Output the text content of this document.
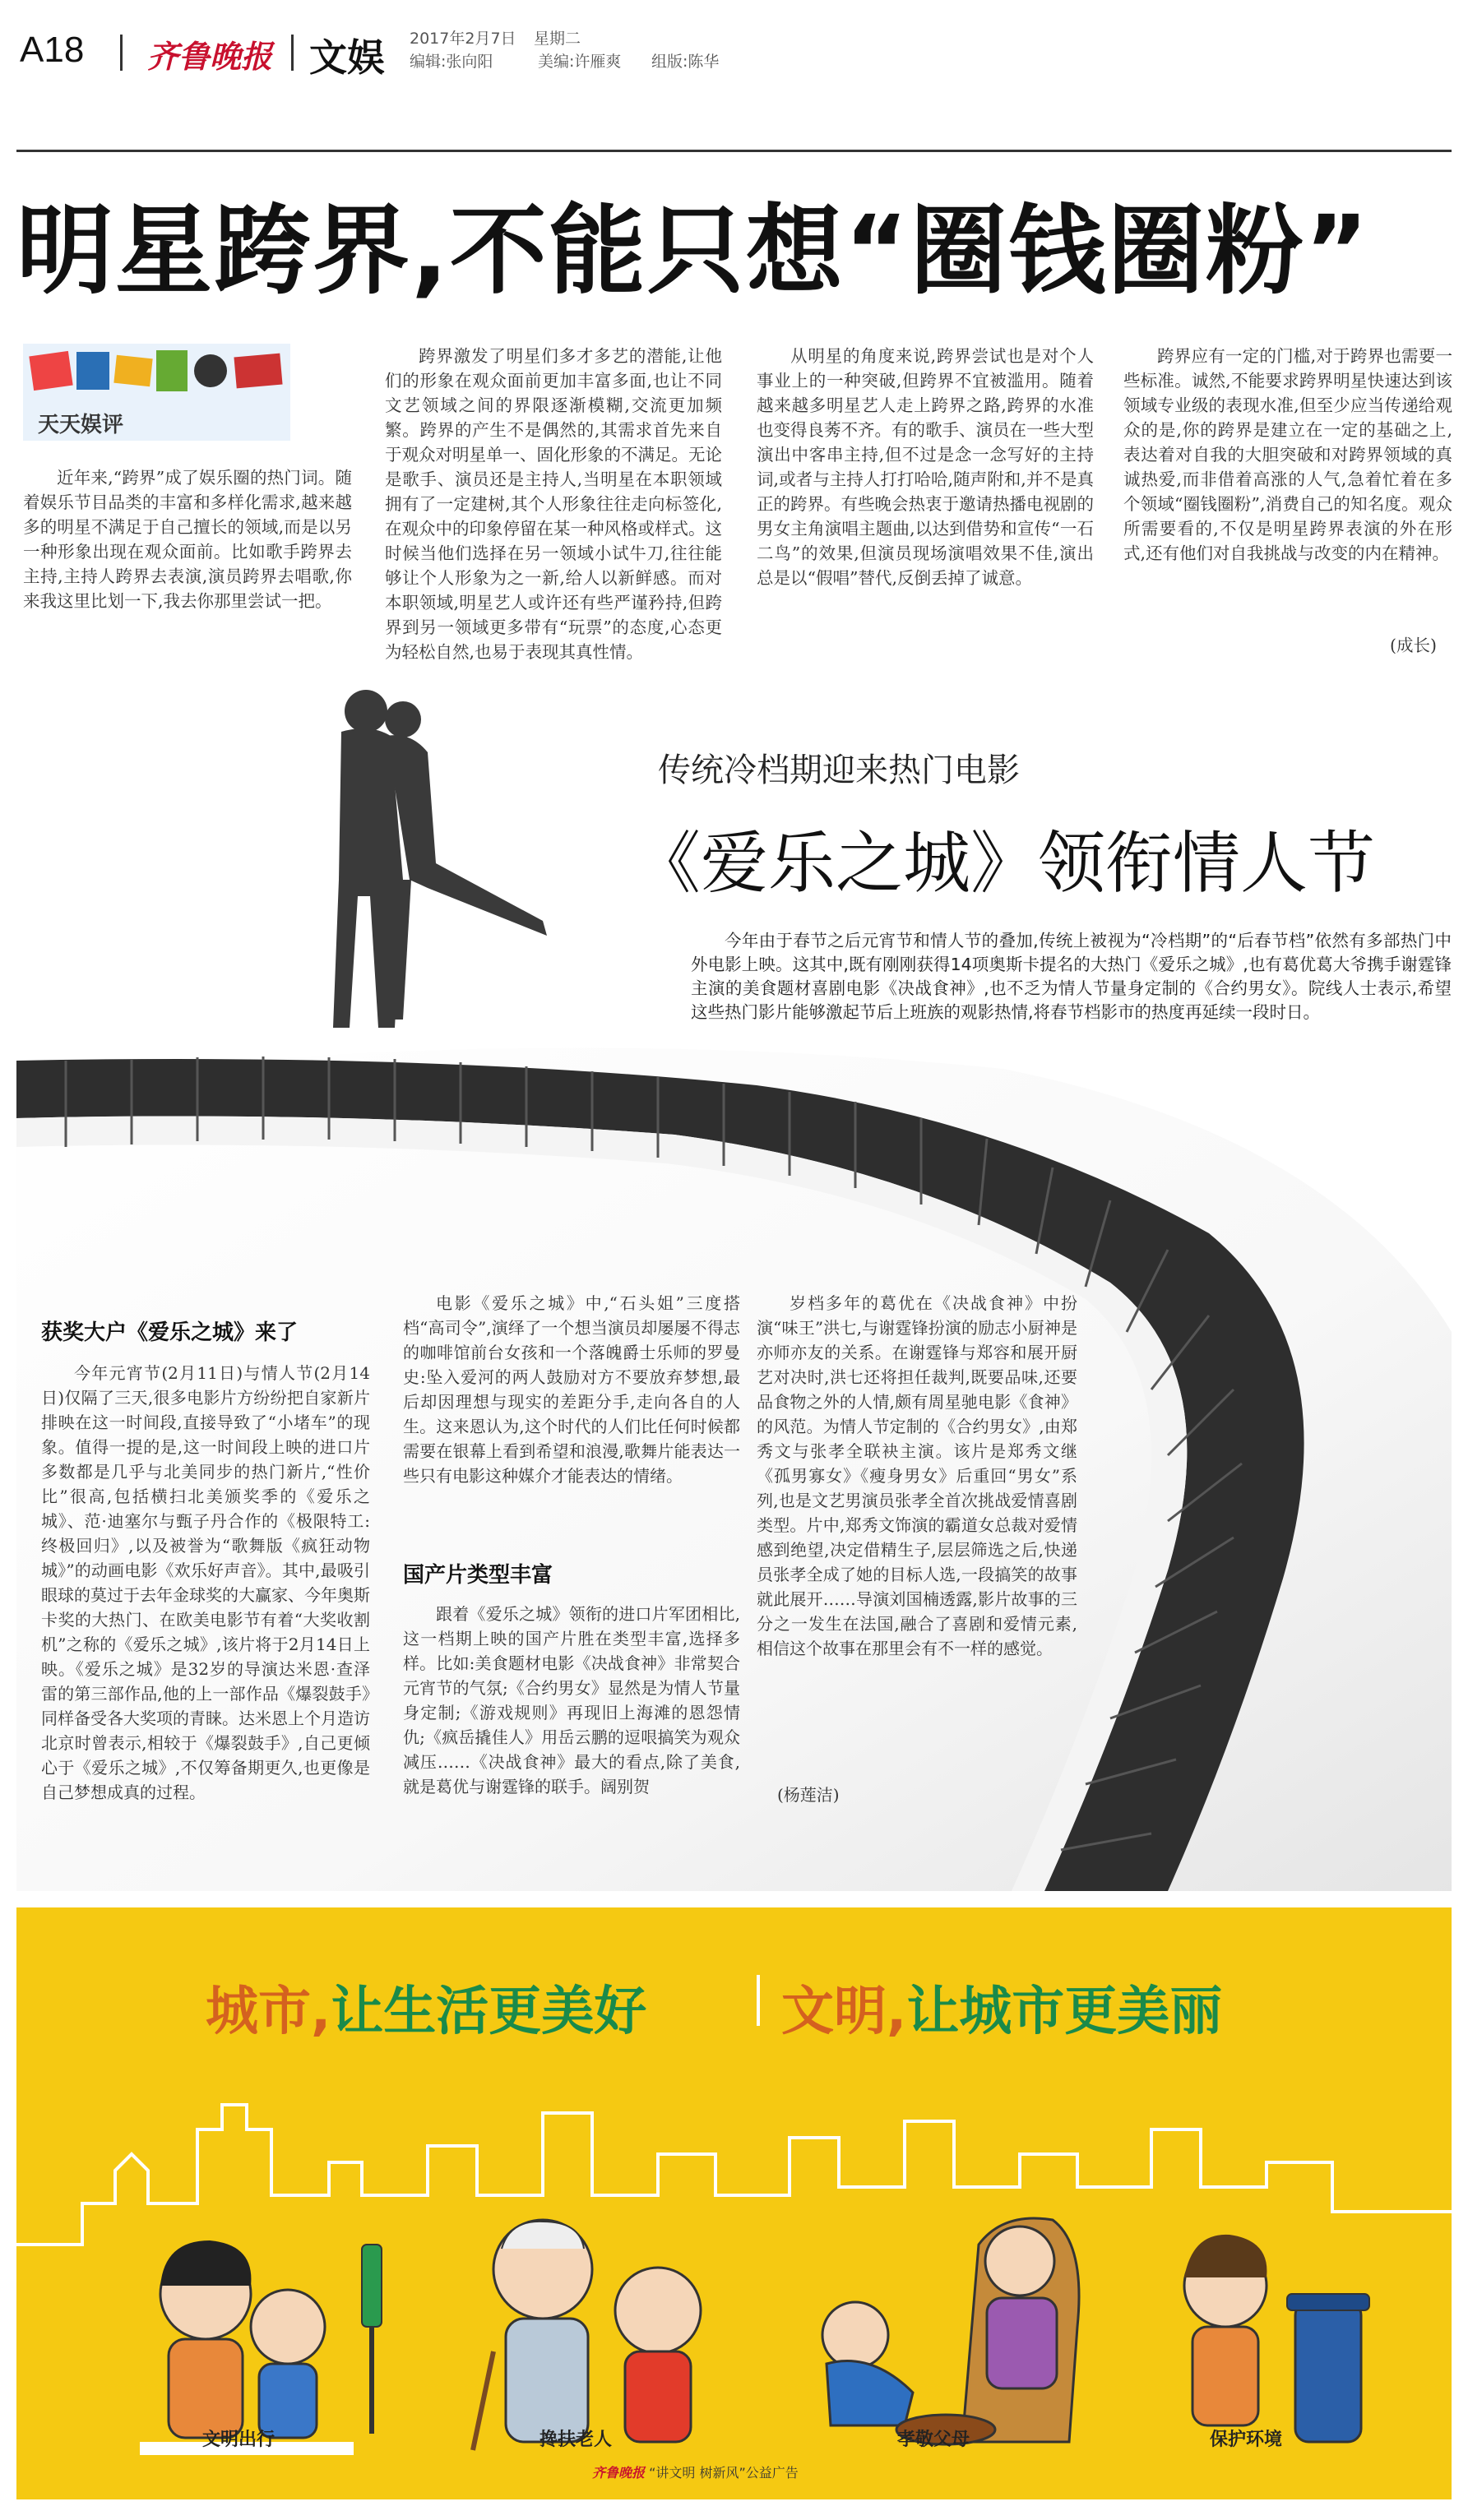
A18 齐鲁晚报 文娱 2017年2月7日 星期二
编辑:张向阳	美编:许雁爽 组版:陈华
明星跨界,不能只想“圈钱圈粉”
天天娱评

近年来,“跨界”成了娱乐圈的热门词。随着娱乐节目品类的丰富和多样化需求,越来越多的明星不满足于自己擅长的领域,而是以另一种形象出现在观众面前。比如歌手跨界去主持,主持人跨界去表演,演员跨界去唱歌,你来我这里比划一下,我去你那里尝试一把。

跨界激发了明星们多才多艺的潜能,让他们的形象在观众面前更加丰富多面,也让不同文艺领域之间的界限逐渐模糊,交流更加频繁。跨界的产生不是偶然的,其需求首先来自于观众对明星单一、固化形象的不满足。无论是歌手、演员还是主持人,当明星在本职领域拥有了一定建树,其个人形象往往走向标签化,在观众中的印象停留在某一种风格或样式。这时候当他们选择在另一领域小试牛刀,往往能够让个人形象为之一新,给人以新鲜感。而对本职领域,明星艺人或许还有些严谨矜持,但跨界到另一领域更多带有“玩票”的态度,心态更为轻松自然,也易于表现其真性情。

从明星的角度来说,跨界尝试也是对个人事业上的一种突破,但跨界不宜被滥用。随着越来越多明星艺人走上跨界之路,跨界的水准也变得良莠不齐。有的歌手、演员在一些大型演出中客串主持,但不过是念一念写好的主持词,或者与主持人打打哈哈,随声附和,并不是真正的跨界。有些晚会热衷于邀请热播电视剧的男女主角演唱主题曲,以达到借势和宣传“一石二鸟”的效果,但演员现场演唱效果不佳,演出总是以“假唱”替代,反倒丢掉了诚意。

跨界应有一定的门槛,对于跨界也需要一些标准。诚然,不能要求跨界明星快速达到该领域专业级的表现水准,但至少应当传递给观众的是,你的跨界是建立在一定的基础之上,表达着对自我的大胆突破和对跨界领域的真诚热爱,而非借着高涨的人气,急着忙着在多个领域“圈钱圈粉”,消费自己的知名度。观众所需要看的,不仅是明星跨界表演的外在形式,还有他们对自我挑战与改变的内在精神。

(成长)
传统冷档期迎来热门电影
《爱乐之城》领衔情人节
今年由于春节之后元宵节和情人节的叠加,传统上被视为“冷档期”的“后春节档”依然有多部热门中外电影上映。这其中,既有刚刚获得14项奥斯卡提名的大热门《爱乐之城》,也有葛优葛大爷携手谢霆锋主演的美食题材喜剧电影《决战食神》,也不乏为情人节量身定制的《合约男女》。院线人士表示,希望这些热门影片能够激起节后上班族的观影热情,将春节档影市的热度再延续一段时日。
获奖大户《爱乐之城》来了

今年元宵节(2月11日)与情人节(2月14日)仅隔了三天,很多电影片方纷纷把自家新片排映在这一时间段,直接导致了“小堵车”的现象。值得一提的是,这一时间段上映的进口片多数都是几乎与北美同步的热门新片,“性价比”很高,包括横扫北美颁奖季的《爱乐之城》、范·迪塞尔与甄子丹合作的《极限特工:终极回归》,以及被誉为“歌舞版《疯狂动物城》”的动画电影《欢乐好声音》。其中,最吸引眼球的莫过于去年金球奖的大赢家、今年奥斯卡奖的大热门、在欧美电影节有着“大奖收割机”之称的《爱乐之城》,该片将于2月14日上映。《爱乐之城》是32岁的导演达米恩·查泽雷的第三部作品,他的上一部作品《爆裂鼓手》同样备受各大奖项的青睐。达米恩上个月造访北京时曾表示,相较于《爆裂鼓手》,自己更倾心于《爱乐之城》,不仅筹备期更久,也更像是自己梦想成真的过程。

电影《爱乐之城》中,“石头姐”三度搭档“高司令”,演绎了一个想当演员却屡屡不得志的咖啡馆前台女孩和一个落魄爵士乐师的罗曼史:坠入爱河的两人鼓励对方不要放弃梦想,最后却因理想与现实的差距分手,走向各自的人生。这来恩认为,这个时代的人们比任何时候都需要在银幕上看到希望和浪漫,歌舞片能表达一些只有电影这种媒介才能表达的情绪。

国产片类型丰富

跟着《爱乐之城》领衔的进口片军团相比,这一档期上映的国产片胜在类型丰富,选择多样。比如:美食题材电影《决战食神》非常契合元宵节的气氛;《合约男女》显然是为情人节量身定制;《游戏规则》再现旧上海滩的恩怨情仇;《疯岳撬佳人》用岳云鹏的逗哏搞笑为观众减压……《决战食神》最大的看点,除了美食,就是葛优与谢霆锋的联手。阔别贺

岁档多年的葛优在《决战食神》中扮演“味王”洪七,与谢霆锋扮演的励志小厨神是亦师亦友的关系。在谢霆锋与郑容和展开厨艺对决时,洪七还将担任裁判,既要品味,还要品食物之外的人情,颇有周星驰电影《食神》的风范。为情人节定制的《合约男女》,由郑秀文与张孝全联袂主演。该片是郑秀文继《孤男寡女》《瘦身男女》后重回“男女”系列,也是文艺男演员张孝全首次挑战爱情喜剧类型。片中,郑秀文饰演的霸道女总裁对爱情感到绝望,决定借精生子,层层筛选之后,快递员张孝全成了她的目标人选,一段搞笑的故事就此展开……导演刘国楠透露,影片故事的三分之一发生在法国,融合了喜剧和爱情元素,相信这个故事在那里会有不一样的感觉。

(杨莲洁)
城市,让生活更美好	文明,让城市更美丽
文明出行	搀扶老人	孝敬父母	保护环境
齐鲁晚报 “讲文明 树新风”公益广告
